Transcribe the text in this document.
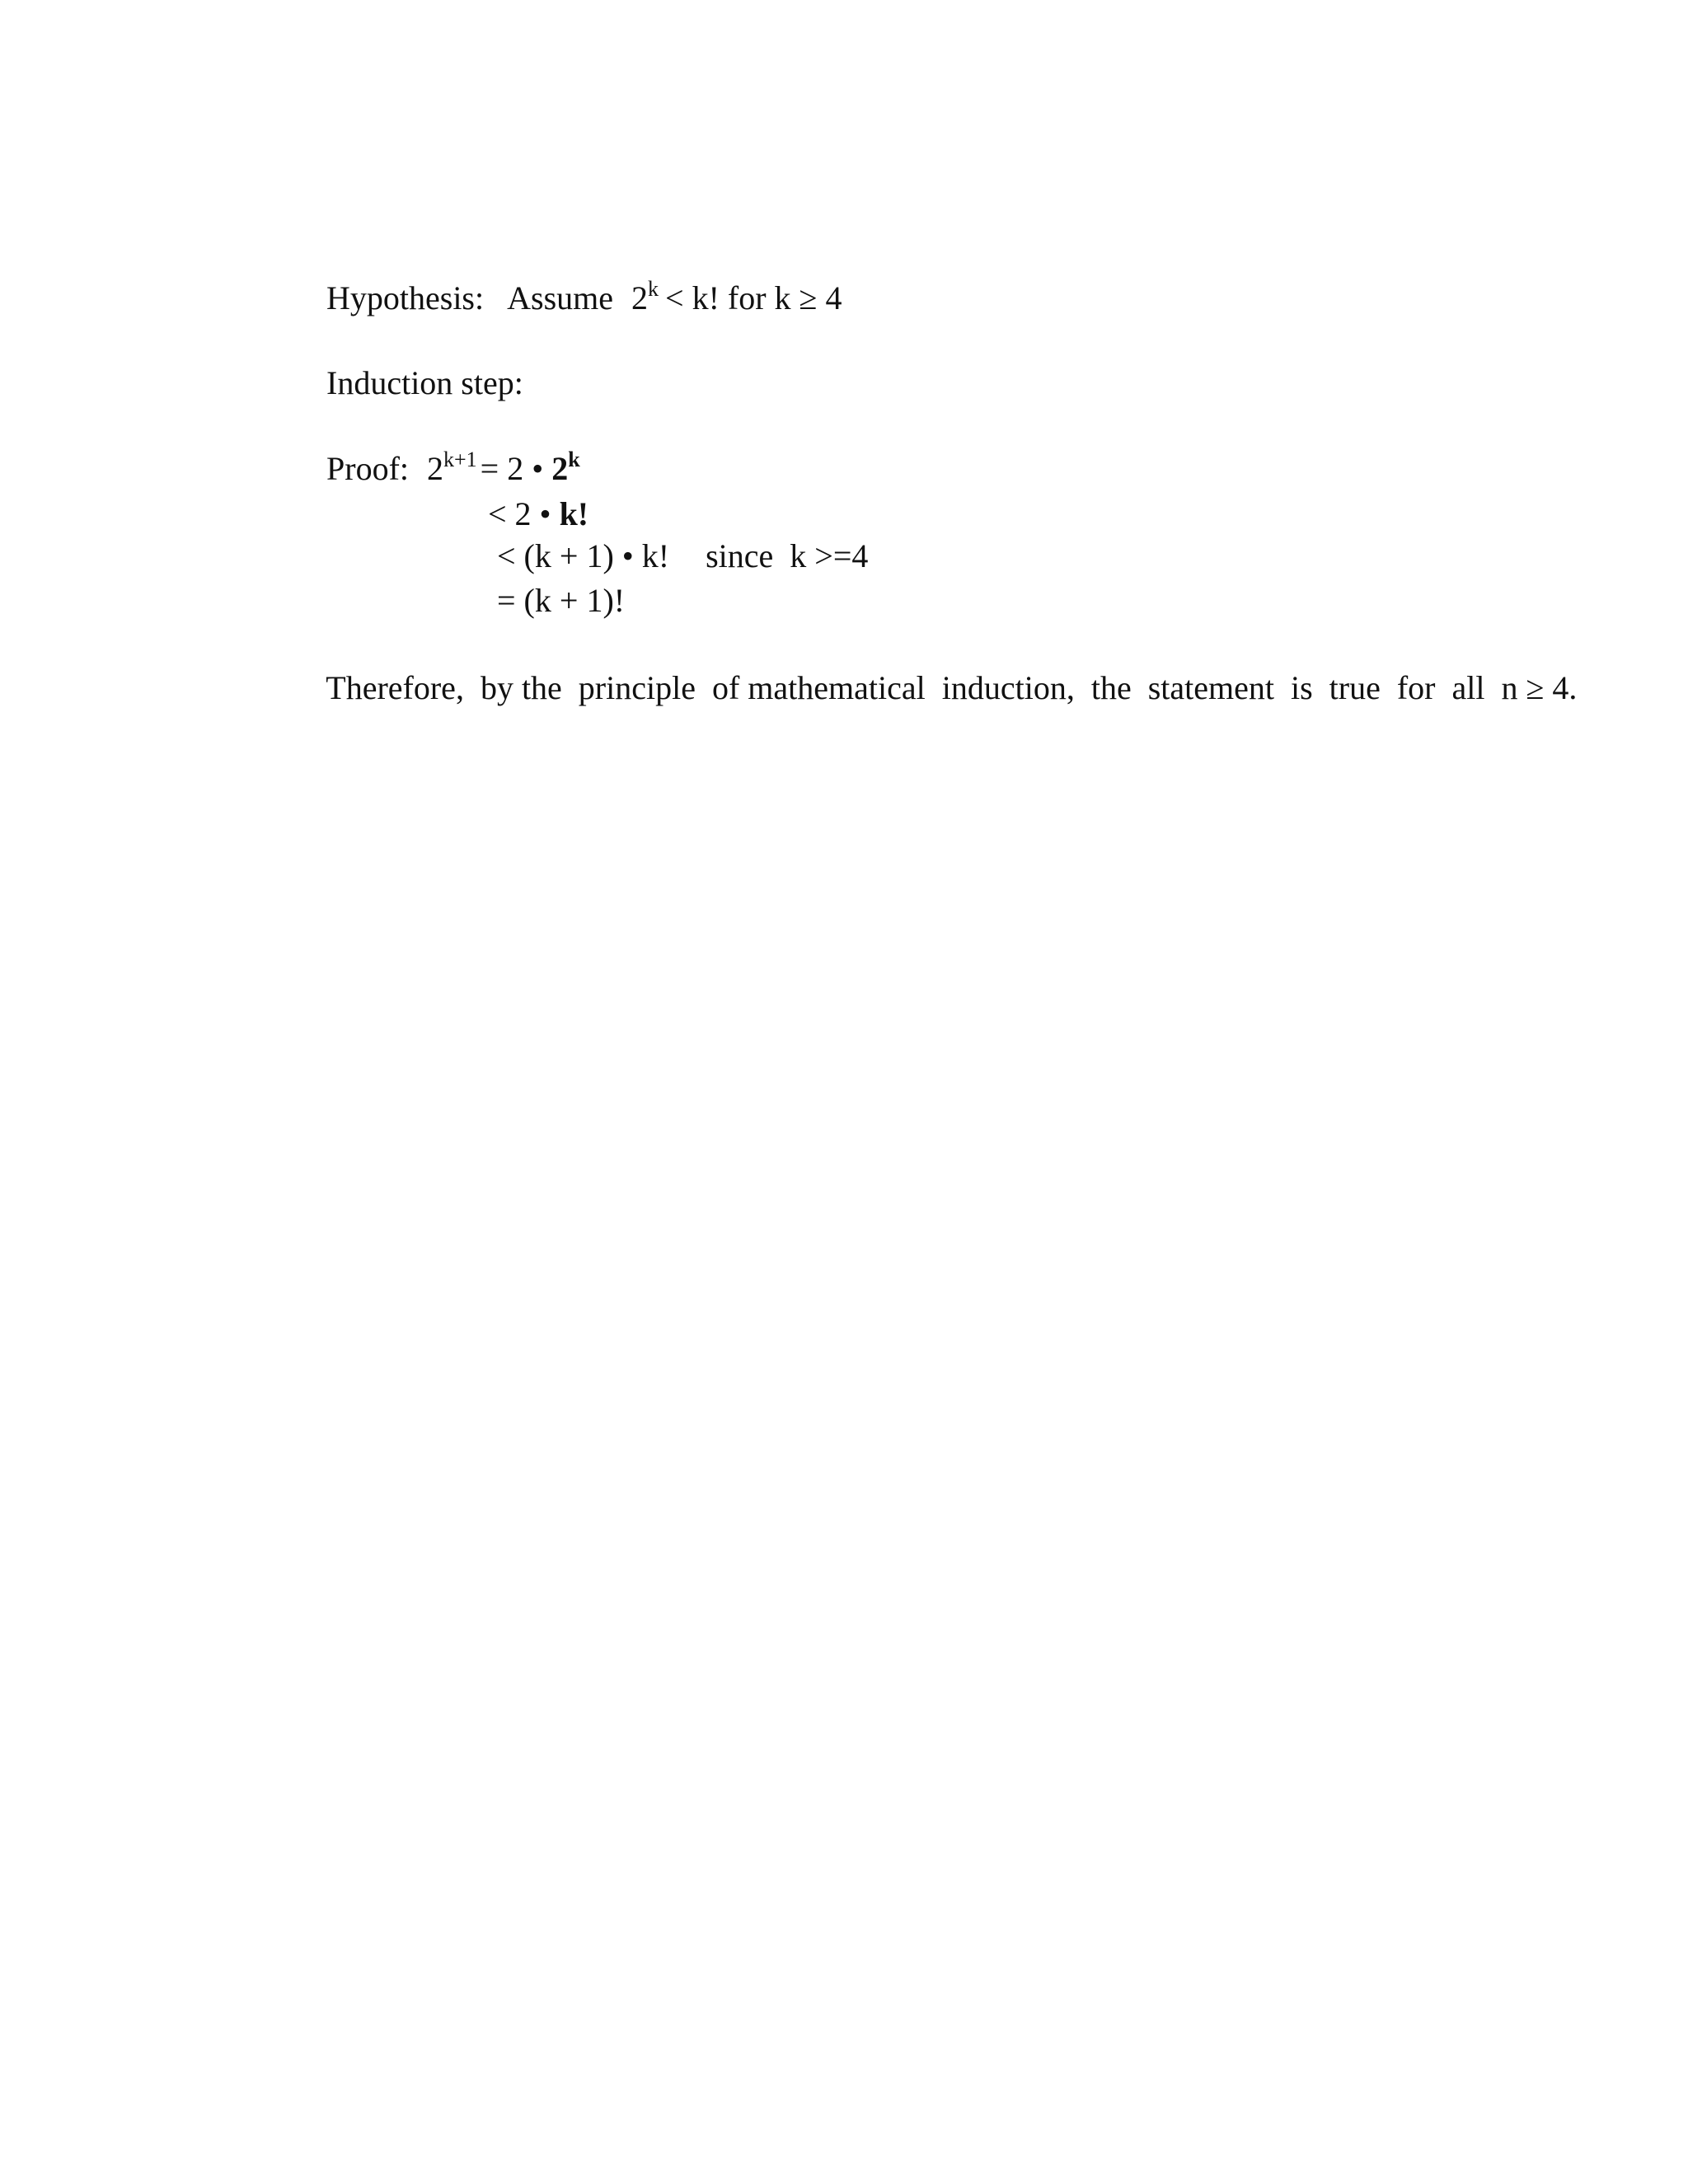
Hypothesis: Assume $2^k < k$! for k ≥ 4

Induction step:

Proof: $2^{k+1} = 2$ • 2$^k$

< 2 • k!

< (k + 1) • k! since  k >=4

= (k + 1)!

Therefore,  by the  principle  of mathematical  induction,  the  statement  is  true  for  all  n ≥ 4.
